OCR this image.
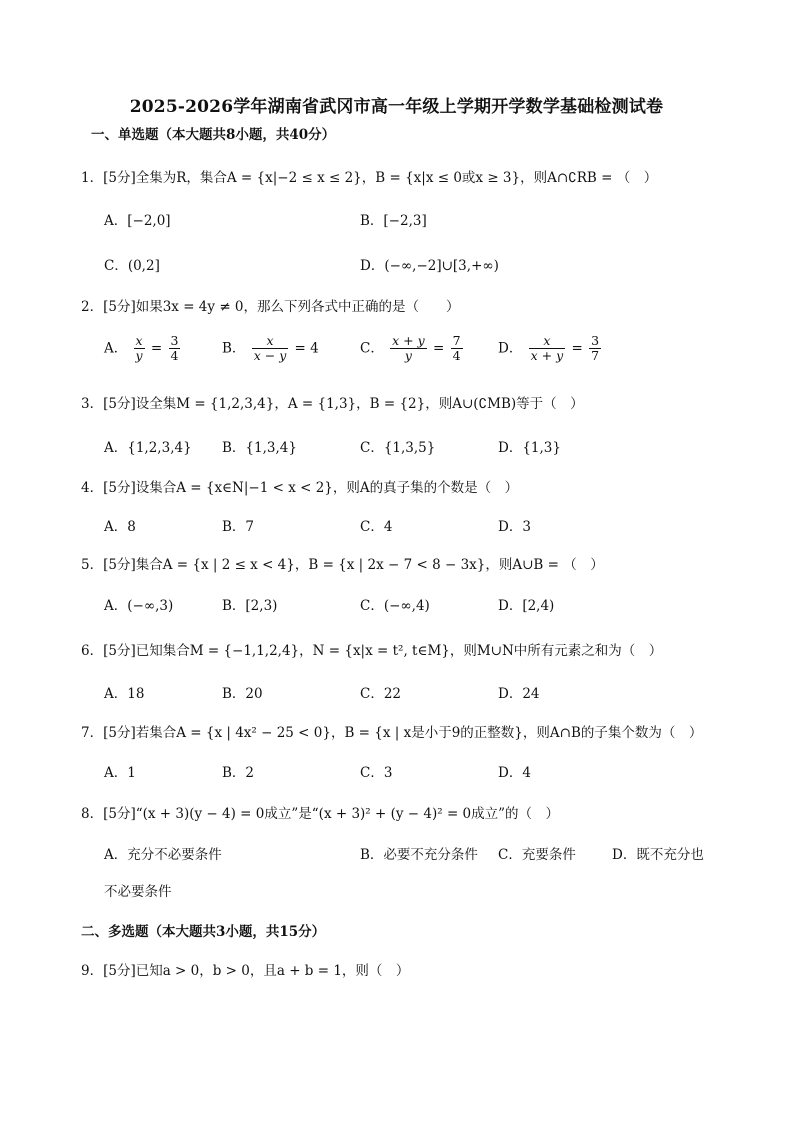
2025-2026学年湖南省武冈市高一年级上学期开学数学基础检测试卷
一、单选题（本大题共8小题，共40分）
1．[5分]全集为R，集合A = {x|−2 ≤ x ≤ 2}，B = {x|x ≤ 0或x ≥ 3}，则A∩∁RB = （　）
A．[−2,0]	B．[−2,3]
C．(0,2]	D．(−∞,−2]∪[3,+∞)
2．[5分]如果3x = 4y ≠ 0，那么下列各式中正确的是（　　）
A． $\frac{x}{y} = \frac{3}{4}$	B． $\frac{x}{x - y} = 4$	C． $\frac{x + y}{y} = \frac{7}{4}$	D． $\frac{x}{x + y} = \frac{3}{7}$
3．[5分]设全集M = {1,2,3,4}，A = {1,3}，B = {2}，则A∪(∁MB)等于（　）
A．{1,2,3,4} B．{1,3,4}	C．{1,3,5}	D．{1,3}
4．[5分]设集合A = {x∈N|−1 < x < 2}，则A的真子集的个数是（　）
A．8	B．7	C．4	D．3
5．[5分]集合A = {x | 2 ≤ x < 4}，B = {x | 2x − 7 < 8 − 3x}，则A∪B = （　）
A．(−∞,3)	B．[2,3)	C．(−∞,4)	D．[2,4)
6．[5分]已知集合M = {−1,1,2,4}，N = {x|x = t², t∈M}，则M∪N中所有元素之和为（　）
A．18	B．20	C．22	D．24
7．[5分]若集合A = {x | 4x² − 25 < 0}，B = {x | x是小于9的正整数}，则A∩B的子集个数为（　）
A．1	B．2	C．3	D．4
8．[5分]“(x + 3)(y − 4) = 0成立”是“(x + 3)² + (y − 4)² = 0成立”的（　）
A．充分不必要条件	B．必要不充分条件 C．充要条件	D．既不充分也
不必要条件
二、多选题（本大题共3小题，共15分）
9．[5分]已知a > 0，b > 0，且a + b = 1，则（　）
